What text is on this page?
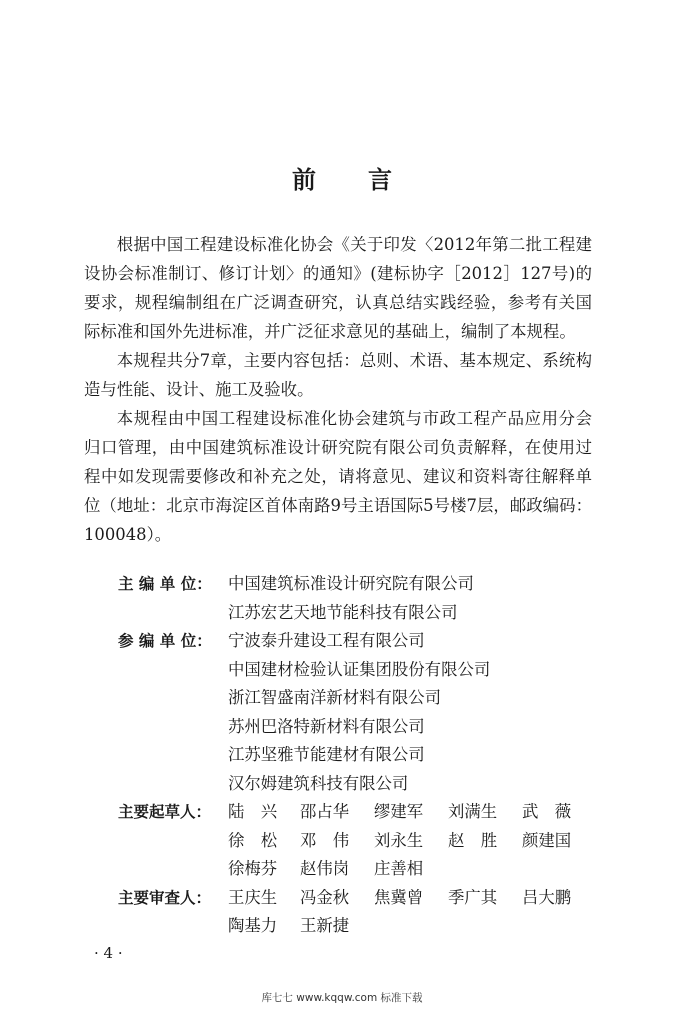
前 言

根据中国工程建设标准化协会《关于印发〈2012年第二批工程建设协会标准制订、修订计划〉的通知》(建标协字［2012］127号)的要求，规程编制组在广泛调查研究，认真总结实践经验，参考有关国际标准和国外先进标准，并广泛征求意见的基础上，编制了本规程。

本规程共分7章，主要内容包括：总则、术语、基本规定、系统构造与性能、设计、施工及验收。

本规程由中国工程建设标准化协会建筑与市政工程产品应用分会归口管理，由中国建筑标准设计研究院有限公司负责解释，在使用过程中如发现需要修改和补充之处，请将意见、建议和资料寄往解释单位（地址：北京市海淀区首体南路9号主语国际5号楼7层，邮政编码：100048）。

主 编 单 位： 中国建筑标准设计研究院有限公司
江苏宏艺天地节能科技有限公司
参 编 单 位： 宁波泰升建设工程有限公司
中国建材检验认证集团股份有限公司
浙江智盛南洋新材料有限公司
苏州巴洛特新材料有限公司
江苏坚雅节能建材有限公司
汉尔姆建筑科技有限公司
主要起草人：	陆　兴	邵占华	缪建军	刘满生	武　薇
徐　松	邓　伟	刘永生	赵　胜	颜建国
徐梅芬	赵伟岗	庄善相
主要审查人：	王庆生	冯金秋	焦冀曾	季广其	吕大鹏
陶基力	王新捷
· 4 ·
库七七 www.kqqw.com 标准下载
